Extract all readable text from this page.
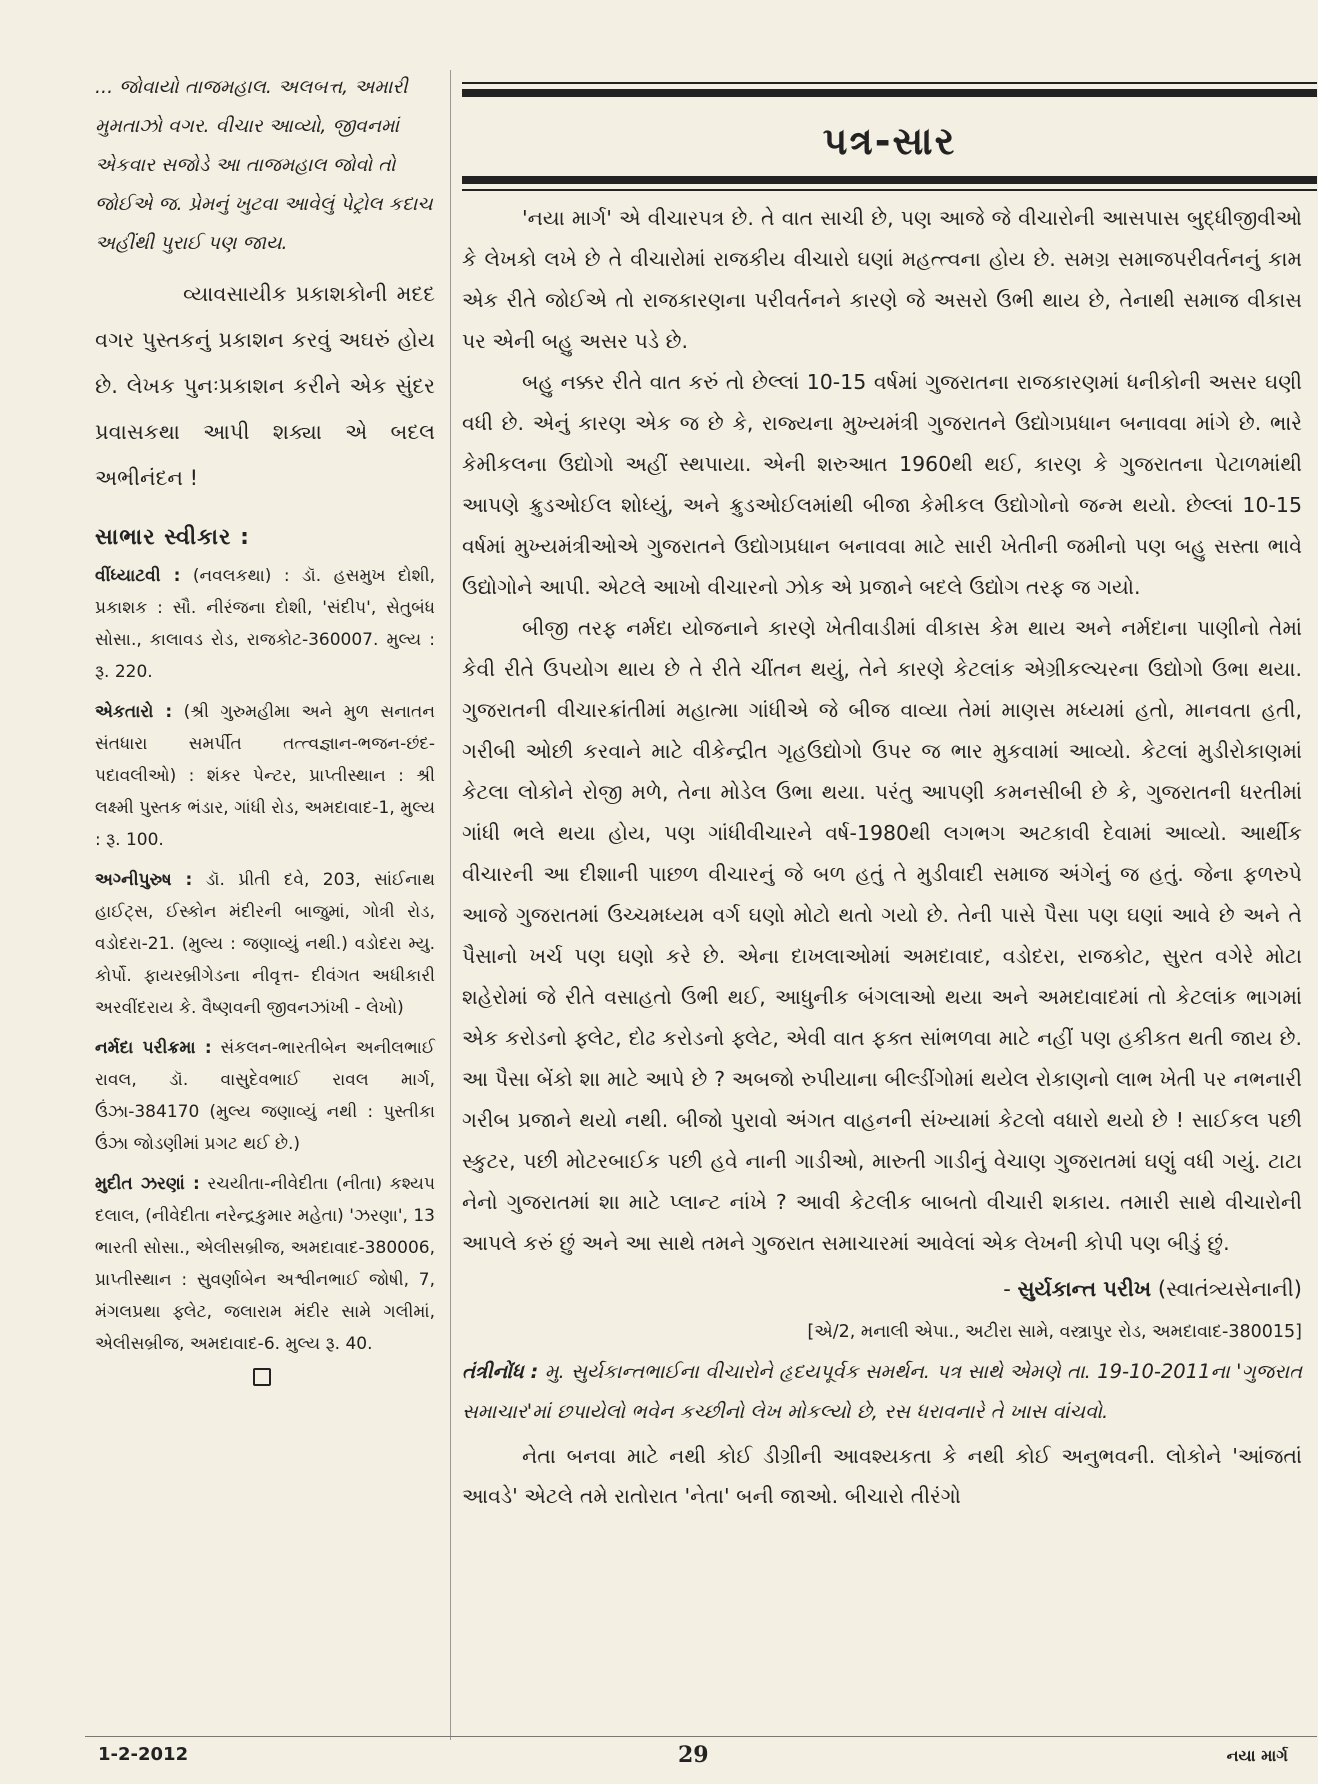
... જોવાયો તાજમહાલ. અલબત્ત, અમારી મુમતાઝો વગર. વીચાર આવ્યો, જીવનમાં એકવાર સજોડે આ તાજમહાલ જોવો તો જોઈએ જ. પ્રેમનું ખુટવા આવેલું પેટ્રોલ કદાચ અહીંથી પુરાઈ પણ જાય.

વ્યાવસાયીક પ્રકાશકોની મદદ વગર પુસ્તકનું પ્રકાશન કરવું અઘરું હોય છે. લેખક પુનઃપ્રકાશન કરીને એક સુંદર પ્રવાસકથા આપી શક્યા એ બદલ અભીનંદન !

સાભાર સ્વીકાર :

વીંધ્યાટવી : (નવલકથા) : ડૉ. હસમુખ દોશી, પ્રકાશક : સૌ. નીરંજના દોશી, 'સંદીપ', સેતુબંધ સોસા., કાલાવડ રોડ, રાજકોટ-360007. મુલ્ય : રૂ. 220.

એકતારો : (શ્રી ગુરુમહીમા અને મુળ સનાતન સંતધારા સમર્પીત તત્ત્વજ્ઞાન-ભજન-છંદ- પદાવલીઓ) : શંકર પેન્ટર, પ્રાપ્તીસ્થાન : શ્રી લક્ષ્મી પુસ્તક ભંડાર, ગાંધી રોડ, અમદાવાદ-1, મુલ્ય : રૂ. 100.

અગ્નીપુરુષ : ડૉ. પ્રીતી દવે, 203, સાંઈનાથ હાઈટ્સ, ઈસ્કોન મંદીરની બાજુમાં, ગોત્રી રોડ, વડોદરા-21. (મુલ્ય : જણાવ્યું નથી.) વડોદરા મ્યુ. કોર્પો. ફાયરબ્રીગેડના નીવૃત્ત- દીવંગત અધીકારી અરવીંદરાય કે. વૈષ્ણવની જીવનઝાંખી - લેખો)

નર્મદા પરીક્રમા : સંકલન-ભારતીબેન અનીલભાઈ રાવલ, ડૉ. વાસુદેવભાઈ રાવલ માર્ગ, ઉંઝા-384170 (મુલ્ય જણાવ્યું નથી : પુસ્તીકા ઉંઝા જોડણીમાં પ્રગટ થઈ છે.)

મુદીત ઝરણાં : રચયીતા-નીવેદીતા (નીતા) કશ્યપ દલાલ, (નીવેદીતા નરેન્દ્રકુમાર મહેતા) 'ઝરણા', 13 ભારતી સોસા., એલીસબ્રીજ, અમદાવાદ-380006, પ્રાપ્તીસ્થાન : સુવર્ણાબેન અશ્વીનભાઈ જોષી, 7, મંગલપ્રથા ફ્લેટ, જલારામ મંદીર સામે ગલીમાં, એલીસબ્રીજ, અમદાવાદ-6. મુલ્ય રૂ. 40.

પત્ર-સાર

'નયા માર્ગ' એ વીચારપત્ર છે. તે વાત સાચી છે, પણ આજે જે વીચારોની આસપાસ બુદ્ધીજીવીઓ કે લેખકો લખે છે તે વીચારોમાં રાજકીય વીચારો ઘણાં મહત્ત્વના હોય છે. સમગ્ર સમાજપરીવર્તનનું કામ એક રીતે જોઈએ તો રાજકારણના પરીવર્તનને કારણે જે અસરો ઉભી થાય છે, તેનાથી સમાજ વીકાસ પર એની બહુ અસર પડે છે.

બહુ નક્કર રીતે વાત કરું તો છેલ્લાં 10-15 વર્ષમાં ગુજરાતના રાજકારણમાં ધનીકોની અસર ઘણી વધી છે. એનું કારણ એક જ છે કે, રાજ્યના મુખ્યમંત્રી ગુજરાતને ઉદ્યોગપ્રધાન બનાવવા માંગે છે. ભારે કેમીકલના ઉદ્યોગો અહીં સ્થપાયા. એની શરુઆત 1960થી થઈ, કારણ કે ગુજરાતના પેટાળમાંથી આપણે ક્રુડઓઈલ શોધ્યું, અને ક્રુડઓઈલમાંથી બીજા કેમીકલ ઉદ્યોગોનો જન્મ થયો. છેલ્લાં 10-15 વર્ષમાં મુખ્યમંત્રીઓએ ગુજરાતને ઉદ્યોગપ્રધાન બનાવવા માટે સારી ખેતીની જમીનો પણ બહુ સસ્તા ભાવે ઉદ્યોગોને આપી. એટલે આખો વીચારનો ઝોક એ પ્રજાને બદલે ઉદ્યોગ તરફ જ ગયો.

બીજી તરફ નર્મદા યોજનાને કારણે ખેતીવાડીમાં વીકાસ કેમ થાય અને નર્મદાના પાણીનો તેમાં કેવી રીતે ઉપયોગ થાય છે તે રીતે ચીંતન થયું, તેને કારણે કેટલાંક એગ્રીકલ્ચરના ઉદ્યોગો ઉભા થયા. ગુજરાતની વીચારક્રાંતીમાં મહાત્મા ગાંધીએ જે બીજ વાવ્યા તેમાં માણસ મધ્યમાં હતો, માનવતા હતી, ગરીબી ઓછી કરવાને માટે વીકેન્દ્રીત ગૃહઉદ્યોગો ઉપર જ ભાર મુકવામાં આવ્યો. કેટલાં મુડીરોકાણમાં કેટલા લોકોને રોજી મળે, તેના મોડેલ ઉભા થયા. પરંતુ આપણી કમનસીબી છે કે, ગુજરાતની ધરતીમાં ગાંધી ભલે થયા હોય, પણ ગાંધીવીચારને વર્ષ-1980થી લગભગ અટકાવી દેવામાં આવ્યો. આર્થીક વીચારની આ દીશાની પાછળ વીચારનું જે બળ હતું તે મુડીવાદી સમાજ અંગેનું જ હતું. જેના ફળરુપે આજે ગુજરાતમાં ઉચ્ચમધ્યમ વર્ગ ઘણો મોટો થતો ગયો છે. તેની પાસે પૈસા પણ ઘણાં આવે છે અને તે પૈસાનો ખર્ચ પણ ઘણો કરે છે. એના દાખલાઓમાં અમદાવાદ, વડોદરા, રાજકોટ, સુરત વગેરે મોટા શહેરોમાં જે રીતે વસાહતો ઉભી થઈ, આધુનીક બંગલાઓ થયા અને અમદાવાદમાં તો કેટલાંક ભાગમાં એક કરોડનો ફ્લેટ, દોઢ કરોડનો ફ્લેટ, એવી વાત ફક્ત સાંભળવા માટે નહીં પણ હકીકત થતી જાય છે. આ પૈસા બેંકો શા માટે આપે છે ? અબજો રુપીયાના બીલ્ડીંગોમાં થયેલ રોકાણનો લાભ ખેતી પર નભનારી ગરીબ પ્રજાને થયો નથી. બીજો પુરાવો અંગત વાહનની સંખ્યામાં કેટલો વધારો થયો છે ! સાઈકલ પછી સ્કુટર, પછી મોટરબાઈક પછી હવે નાની ગાડીઓ, મારુતી ગાડીનું વેચાણ ગુજરાતમાં ઘણું વધી ગયું. ટાટા નેનો ગુજરાતમાં શા માટે પ્લાન્ટ નાંખે ? આવી કેટલીક બાબતો વીચારી શકાય. તમારી સાથે વીચારોની આપલે કરું છું અને આ સાથે તમને ગુજરાત સમાચારમાં આવેલાં એક લેખની કોપી પણ બીડું છું.

- સુર્યકાન્ત પરીખ (સ્વાતંત્ર્યસેનાની)

[એ/2, મનાલી એપા., અટીરા સામે, વસ્ત્રાપુર રોડ, અમદાવાદ-380015]

તંત્રીનોંધ : મુ. સુર્યકાન્તભાઈના વીચારોને હૃદયપૂર્વક સમર્થન. પત્ર સાથે એમણે તા. 19-10-2011ના 'ગુજરાત સમાચાર'માં છપાયેલો ભવેન કચ્છીનો લેખ મોકલ્યો છે, રસ ધરાવનારે તે ખાસ વાંચવો.

નેતા બનવા માટે નથી કોઈ ડીગ્રીની આવશ્યકતા કે નથી કોઈ અનુભવની. લોકોને 'આંજતાં આવડે' એટલે તમે રાતોરાત 'નેતા' બની જાઓ. બીચારો તીરંગો

1-2-2012	29	નયા માર્ગ
